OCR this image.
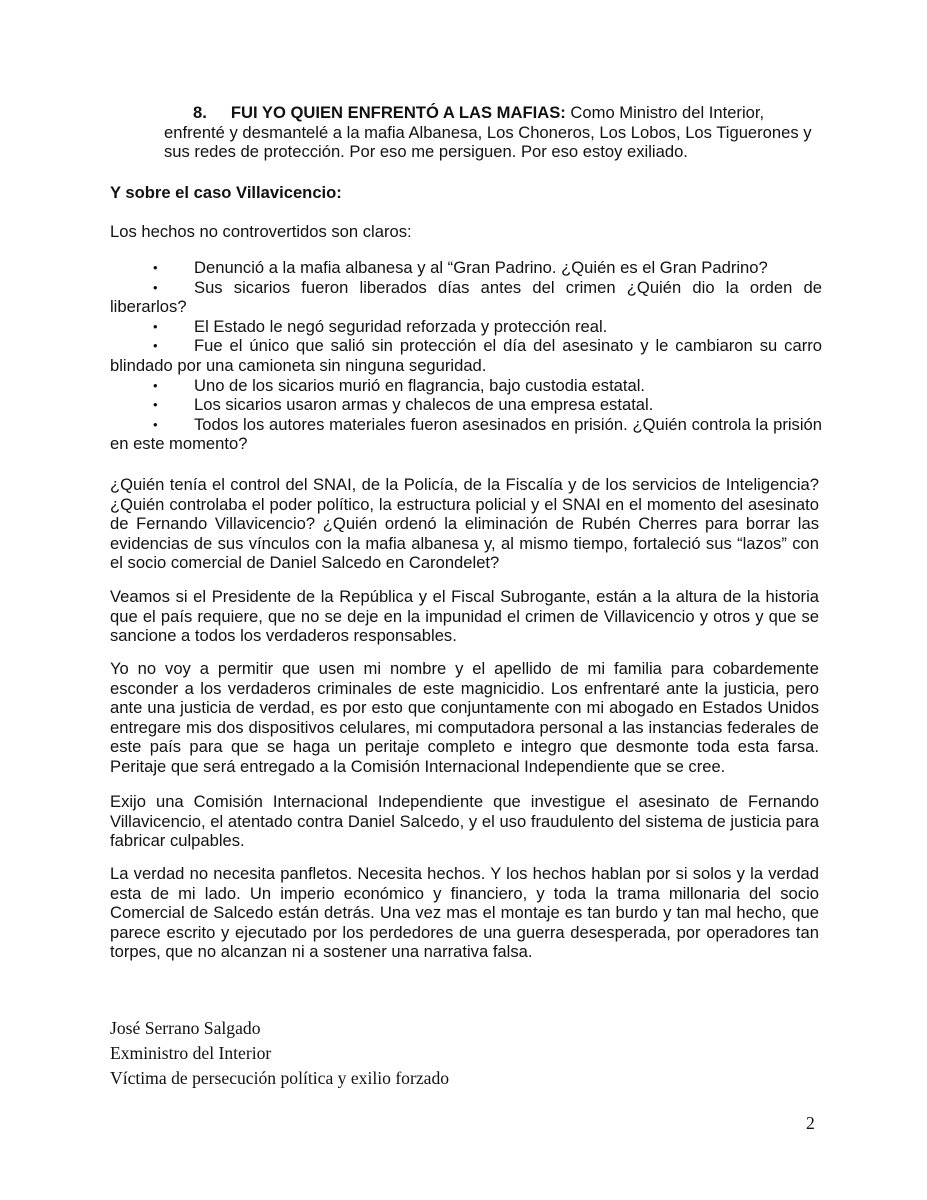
8. FUI YO QUIEN ENFRENTÓ A LAS MAFIAS: Como Ministro del Interior, enfrenté y desmantelé a la mafia Albanesa, Los Choneros, Los Lobos, Los Tiguerones y sus redes de protección. Por eso me persiguen. Por eso estoy exiliado.
Y sobre el caso Villavicencio:
Los hechos no controvertidos son claros:
• Denunció a la mafia albanesa y al “Gran Padrino. ¿Quién es el Gran Padrino?
• Sus sicarios fueron liberados días antes del crimen ¿Quién dio la orden de liberarlos?
• El Estado le negó seguridad reforzada y protección real.
• Fue el único que salió sin protección el día del asesinato y le cambiaron su carro blindado por una camioneta sin ninguna seguridad.
• Uno de los sicarios murió en flagrancia, bajo custodia estatal.
• Los sicarios usaron armas y chalecos de una empresa estatal.
• Todos los autores materiales fueron asesinados en prisión. ¿Quién controla la prisión en este momento?
¿Quién tenía el control del SNAI, de la Policía, de la Fiscalía y de los servicios de Inteligencia? ¿Quién controlaba el poder político, la estructura policial y el SNAI en el momento del asesinato de Fernando Villavicencio? ¿Quién ordenó la eliminación de Rubén Cherres para borrar las evidencias de sus vínculos con la mafia albanesa y, al mismo tiempo, fortaleció sus “lazos” con el socio comercial de Daniel Salcedo en Carondelet?
Veamos si el Presidente de la República y el Fiscal Subrogante, están a la altura de la historia que el país requiere, que no se deje en la impunidad el crimen de Villavicencio y otros y que se sancione a todos los verdaderos responsables.
Yo no voy a permitir que usen mi nombre y el apellido de mi familia para cobardemente esconder a los verdaderos criminales de este magnicidio. Los enfrentaré ante la justicia, pero ante una justicia de verdad, es por esto que conjuntamente con mi abogado en Estados Unidos entregare mis dos dispositivos celulares, mi computadora personal a las instancias federales de este país para que se haga un peritaje completo e integro que desmonte toda esta farsa. Peritaje que será entregado a la Comisión Internacional Independiente que se cree.
Exijo una Comisión Internacional Independiente que investigue el asesinato de Fernando Villavicencio, el atentado contra Daniel Salcedo, y el uso fraudulento del sistema de justicia para fabricar culpables.
La verdad no necesita panfletos. Necesita hechos. Y los hechos hablan por si solos y la verdad esta de mi lado. Un imperio económico y financiero, y toda la trama millonaria del socio Comercial de Salcedo están detrás. Una vez mas el montaje es tan burdo y tan mal hecho, que parece escrito y ejecutado por los perdedores de una guerra desesperada, por operadores tan torpes, que no alcanzan ni a sostener una narrativa falsa.
José Serrano Salgado
Exministro del Interior
Víctima de persecución política y exilio forzado
2
